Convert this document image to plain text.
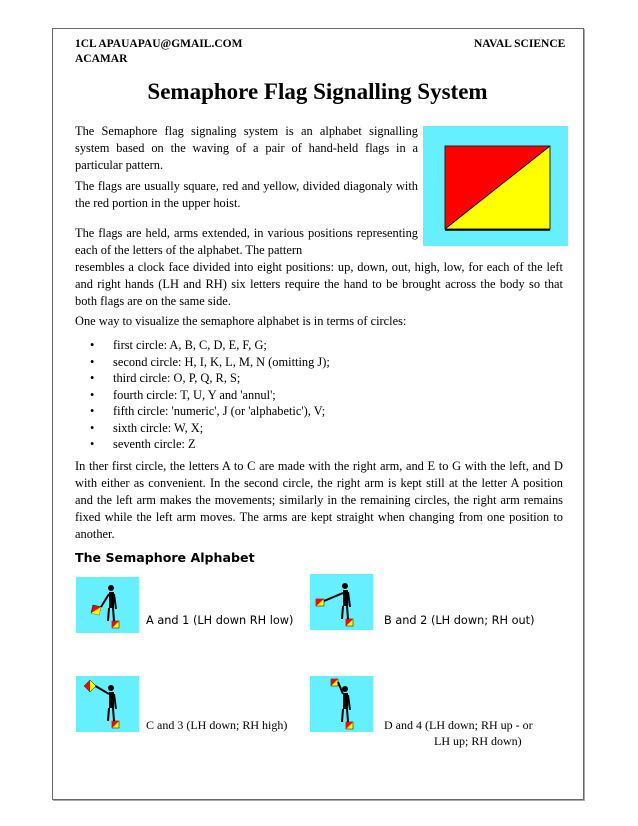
1CL APAUAPAU@GMAIL.COM
ACAMAR
NAVAL SCIENCE
Semaphore Flag Signalling System

The Semaphore flag signaling system is an alphabet signalling system based on the waving of a pair of hand-held flags in a particular pattern.

The flags are usually square, red and yellow, divided diagonaly with the red portion in the upper hoist.

The flags are held, arms extended, in various positions representing each of the letters of the alphabet. The pattern

resembles a clock face divided into eight positions: up, down, out, high, low, for each of the left and right hands (LH and RH) six letters require the hand to be brought across the body so that both flags are on the same side.

One way to visualize the semaphore alphabet is in terms of circles:

• first circle: A, B, C, D, E, F, G;
• second circle: H, I, K, L, M, N (omitting J);
• third circle: O, P, Q, R, S;
• fourth circle: T, U, Y and 'annul';
• fifth circle: 'numeric', J (or 'alphabetic'), V;
• sixth circle: W, X;
• seventh circle: Z

In ther first circle, the letters A to C are made with the right arm, and E to G with the left, and D with either as convenient. In the second circle, the right arm is kept still at the letter A position and the left arm makes the movements; similarly in the remaining circles, the right arm remains fixed while the left arm moves. The arms are kept straight when changing from one position to another.

The Semaphore Alphabet
A and 1 (LH down RH low)	B and 2 (LH down; RH out)
C and 3 (LH down; RH high)	D and 4 (LH down; RH up - or
LH up; RH down)
